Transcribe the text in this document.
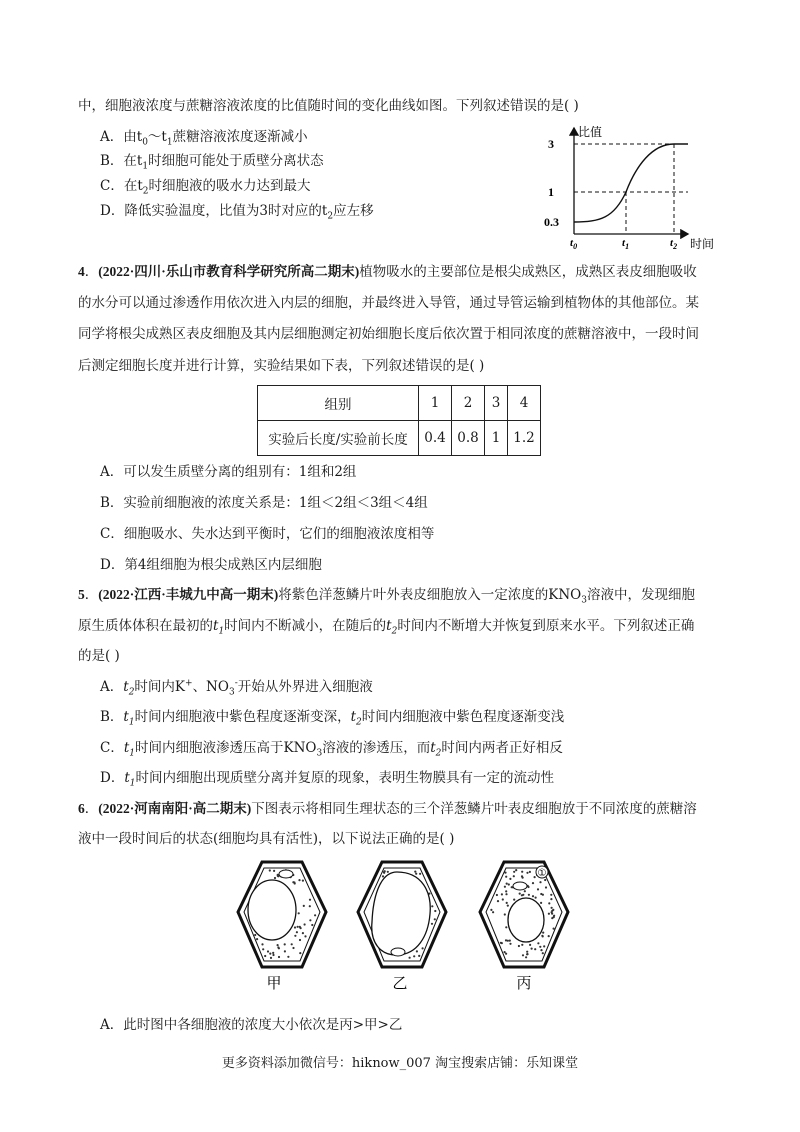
中，细胞液浓度与蔗糖溶液浓度的比值随时间的变化曲线如图。下列叙述错误的是( )
A．由$t_0\sim t_1$蔗糖溶液浓度逐渐减小
B．在$t_1$时细胞可能处于质壁分离状态
C．在$t_2$时细胞液的吸水力达到最大
D．降低实验温度，比值为3时对应的$t_2$应左移
比值
时间
3
1
0.3
$t_0$	$t_1$	$t_2$
4．(2022·四川·乐山市教育科学研究所高二期末)植物吸水的主要部位是根尖成熟区，成熟区表皮细胞吸收
的水分可以通过渗透作用依次进入内层的细胞，并最终进入导管，通过导管运输到植物体的其他部位。某
同学将根尖成熟区表皮细胞及其内层细胞测定初始细胞长度后依次置于相同浓度的蔗糖溶液中，一段时间
后测定细胞长度并进行计算，实验结果如下表，下列叙述错误的是( )
组别	1	2	3	4
实验后长度/实验前长度	0.4	0.8	1	1.2
A．可以发生质壁分离的组别有：1组和2组
B．实验前细胞液的浓度关系是：1组＜2组＜3组＜4组
C．细胞吸水、失水达到平衡时，它们的细胞液浓度相等
D．第4组细胞为根尖成熟区内层细胞
5．(2022·江西·丰城九中高一期末)将紫色洋葱鳞片叶外表皮细胞放入一定浓度的$KNO_3$溶液中，发现细胞
原生质体体积在最初的$t_1$时间内不断减小，在随后的$t_2$时间内不断增大并恢复到原来水平。下列叙述正确
的是( )
A．$t_2$时间内K+、$NO_3^-$开始从外界进入细胞液
B．$t_1$时间内细胞液中紫色程度逐渐变深，$t_2$时间内细胞液中紫色程度逐渐变浅
C．$t_1$时间内细胞液渗透压高于$KNO_3$溶液的渗透压，而$t_2$时间内两者正好相反
D．$t_1$时间内细胞出现质壁分离并复原的现象，表明生物膜具有一定的流动性
6．(2022·河南南阳·高二期末)下图表示将相同生理状态的三个洋葱鳞片叶表皮细胞放于不同浓度的蔗糖溶
液中一段时间后的状态(细胞均具有活性)，以下说法正确的是( )
①
甲	乙	丙
A．此时图中各细胞液的浓度大小依次是丙>甲>乙
更多资料添加微信号：hiknow_007 淘宝搜索店铺：乐知课堂
